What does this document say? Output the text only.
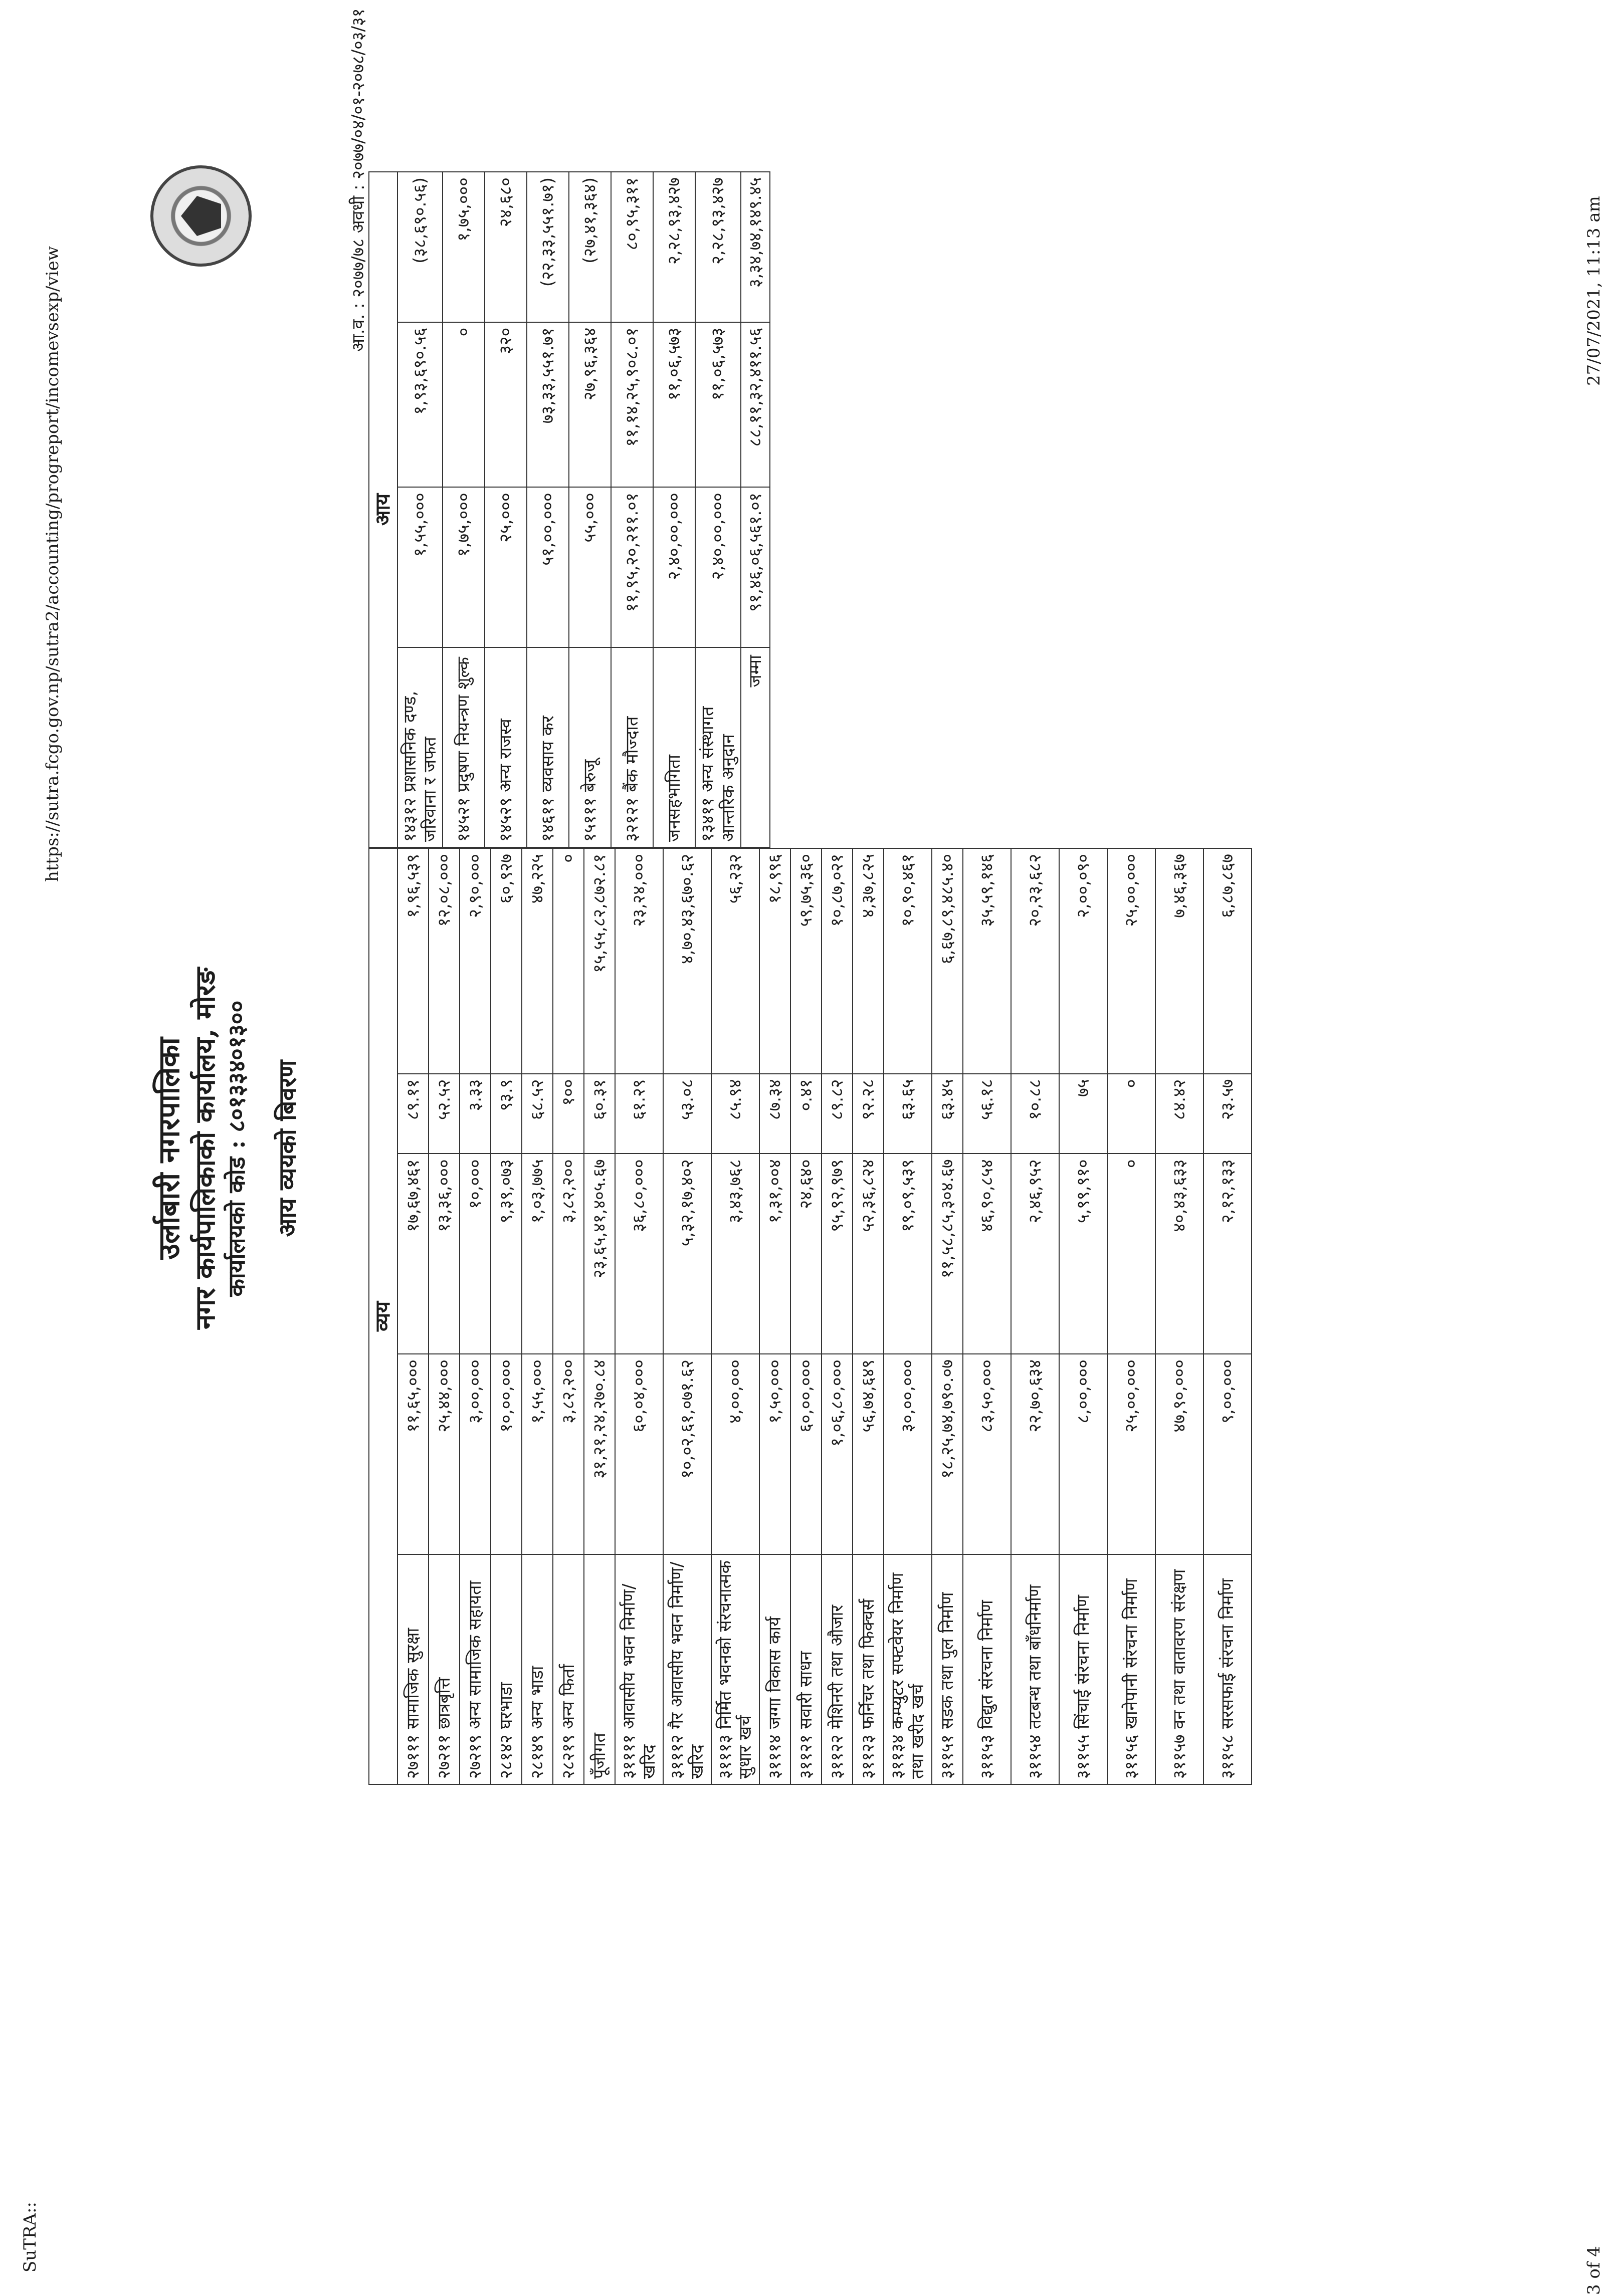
SuTRA::
https://sutra.fcgo.gov.np/sutra2/accounting/progreport/incomevsexp/view	27/07/2021, 11:13 am
3 of 4
उर्लाबारी नगरपालिका नगर कार्यपालिकाको कार्यालय, मोरङ कार्यालयको कोड : ८०१३३४०१३०० आय व्ययको बिवरण
आ.व. : २०७७/७८ अवधी : २०७७/०४/०१-२०७८/०३/३१
आय			
१४३१२ प्रशासनिक दण्ड, जरिवाना र जफत	१,५५,०००	१,९३,६९०.५६	(३८,६९०.५६)
१४५२१ प्रदुषण नियन्त्रण शुल्क	१,७५,०००	०	१,७५,०००
१४५२९ अन्य राजस्व	२५,०००	३२०	२४,६८०
१४६११ व्यवसाय कर	५१,००,०००	७३,३३,५५१.७१	(२२,३३,५५१.७१)
१५१११ बेरुजू	५५,०००	२७,९६,३६४	(२७,४१,३६४)
३२१२१ बैंक मौज्दात	११,९५,२०,२११.०१	११,१४,२५,९०८.०१	८०,९५,३११
जनसहभागिता	२,४०,००,०००	११,०६,५७३	२,२८,९३,४२७
१३४११ अन्य संस्थागत आन्तरिक अनुदान	२,४०,००,०००	११,०६,५७३	२,२८,९३,४२७
जम्मा	९१,४६,०६,५६१.०१	८८,११,३२,४११.५६	३,३४,७४,१४९.४५
व्यय				
२७१११ सामाजिक सुरक्षा	११,६५,०००	१७,६७,४६१	८९.११	१,९६,५३९
२७२११ छात्रबृत्ति	२५,४४,०००	१३,३६,०००	५२.५२	१२,०८,०००
२७२१९ अन्य सामाजिक सहायता	३,००,०००	१०,०००	३.३३	२,९०,०००
२८१४२ घरभाडा	१०,००,०००	९,३९,०७३	९३.९	६०,९२७
२८१४९ अन्य भाडा	१,५५,०००	१,०३,७७५	६८.५२	४७,२२५
२८२१९ अन्य फिर्ता	३,८२,२००	३,८२,२००	१००	०
पूँजीगत	३१,२१,२४,२७०.८४	२३,६५,४१,४०५.६७	६०.३१	१५,५५,८२,८७२.८१
३११११ आवासीय भवन निर्माण/खरिद	६०,०४,०००	३६,८०,०००	६१.२९	२३,२४,०००
३१११२ गैर आवासीय भवन निर्माण/खरिद	१०,०२,६१,०७१.६२	५,३२,१७,४०२	५३.०८	४,७०,४३,६७०.६२
३१११३ निर्मित भवनको संरचनात्मक सुधार खर्च	४,००,०००	३,४३,७६८	८५.९४	५६,२३२
३१११४ जग्गा विकास कार्य	१,५०,०००	१,३१,००४	८७.३४	१८,९९६
३११२१ सवारी साधन	६०,००,०००	२४,६४०	०.४१	५९,७५,३६०
३११२२ मेशिनरी तथा औजार	१,०६,८०,०००	९५,९२,९७९	८९.८२	१०,८७,०२१
३११२३ फर्निचर तथा फिक्चर्स	५६,७४,६४९	५२,३६,८२४	९२.२८	४,३७,८२५
३११३४ कम्प्युटर सफ्टवेयर निर्माण तथा खरीद खर्च	३०,००,०००	१९,०९,५३९	६३.६५	१०,९०,४६१
३११५१ सडक तथा पुल निर्माण	१८,२५,७४,७९०.०७	११,५८,८५,३०४.६७	६३.४५	६,६७,८९,४८५.४०
३११५३ विद्युत संरचना निर्माण	८३,५०,०००	४६,९०,८५४	५६.१८	३५,५९,१४६
३११५४ तटबन्ध तथा बाँधनिर्माण	२२,७०,६३४	२,४६,९५२	१०.८८	२०,२३,६८२
३११५५ सिंचाई संरचना निर्माण	८,००,०००	५,९९,९१०	७५	२,००,०९०
३११५६ खानेपानी संरचना निर्माण	२५,००,०००	०	०	२५,००,०००
३११५७ वन तथा वातावरण संरक्षण	४७,९०,०००	४०,४३,६३३	८४.४२	७,४६,३६७
३११५८ सरसफाई संरचना निर्माण	९,००,०००	२,१२,१३३	२३.५७	६,८७,८६७
